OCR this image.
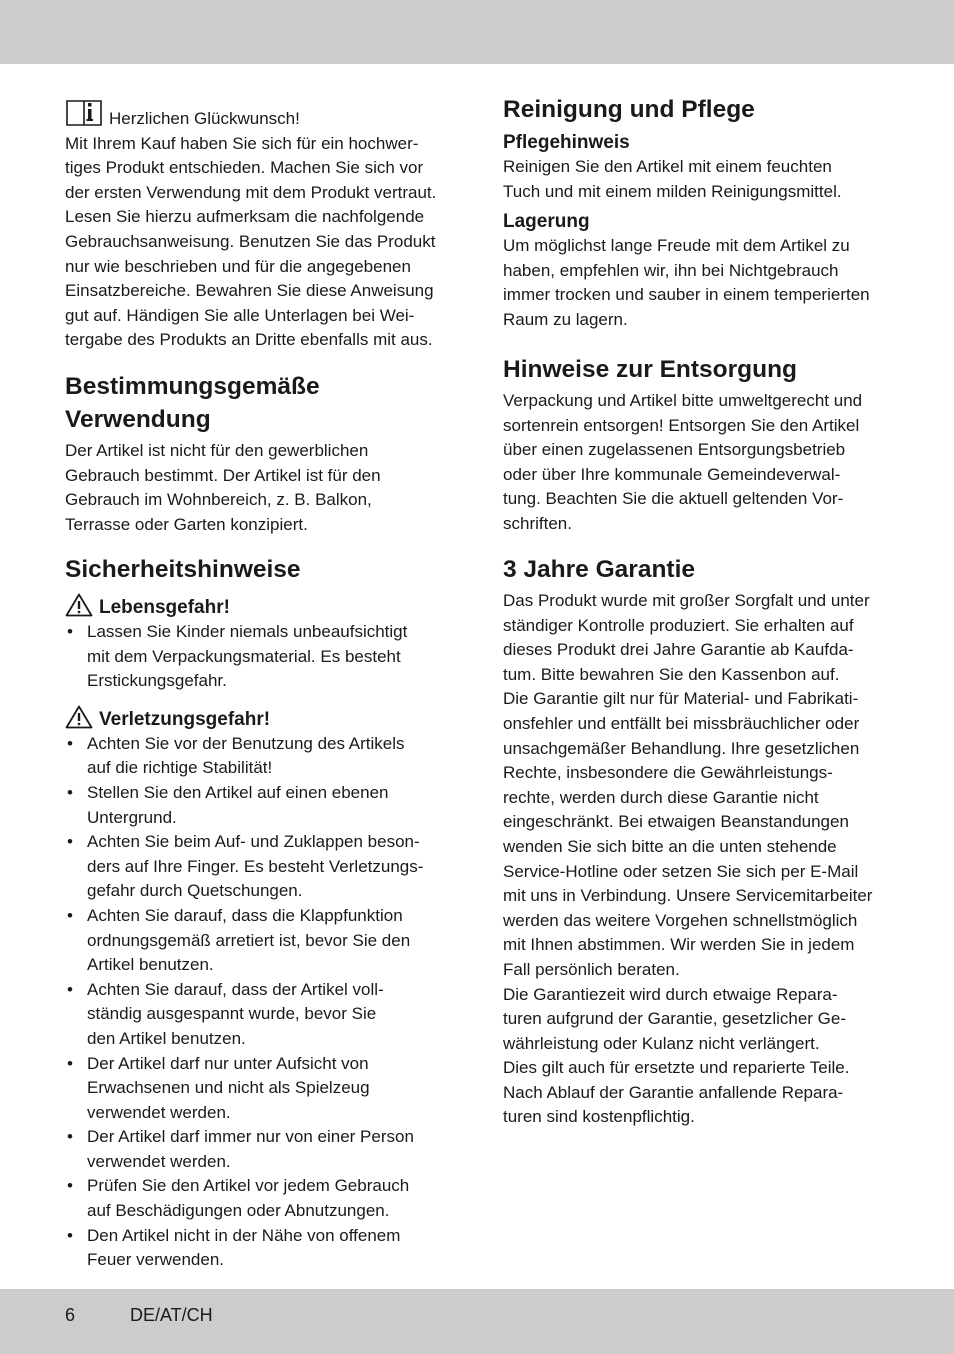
Herzlichen Glückwunsch!
Mit Ihrem Kauf haben Sie sich für ein hochwer-
tiges Produkt entschieden. Machen Sie sich vor
der ersten Verwendung mit dem Produkt vertraut.
Lesen Sie hierzu aufmerksam die nachfolgende
Gebrauchsanweisung. Benutzen Sie das Produkt
nur wie beschrieben und für die angegebenen
Einsatzbereiche. Bewahren Sie diese Anweisung
gut auf. Händigen Sie alle Unterlagen bei Wei-
tergabe des Produkts an Dritte ebenfalls mit aus.
Bestimmungsgemäße
Verwendung
Der Artikel ist nicht für den gewerblichen
Gebrauch bestimmt. Der Artikel ist für den
Gebrauch im Wohnbereich, z. B. Balkon,
Terrasse oder Garten konzipiert.
Sicherheitshinweise
Lebensgefahr!
• Lassen Sie Kinder niemals unbeaufsichtigt
mit dem Verpackungsmaterial. Es besteht
Erstickungsgefahr.
Verletzungsgefahr!
• Achten Sie vor der Benutzung des Artikels
auf die richtige Stabilität!
• Stellen Sie den Artikel auf einen ebenen
Untergrund.
• Achten Sie beim Auf- und Zuklappen beson-
ders auf Ihre Finger. Es besteht Verletzungs-
gefahr durch Quetschungen.
• Achten Sie darauf, dass die Klappfunktion
ordnungsgemäß arretiert ist, bevor Sie den
Artikel benutzen.
• Achten Sie darauf, dass der Artikel voll-
ständig ausgespannt wurde, bevor Sie
den Artikel benutzen.
• Der Artikel darf nur unter Aufsicht von
Erwachsenen und nicht als Spielzeug
verwendet werden.
• Der Artikel darf immer nur von einer Person
verwendet werden.
• Prüfen Sie den Artikel vor jedem Gebrauch
auf Beschädigungen oder Abnutzungen.
• Den Artikel nicht in der Nähe von offenem
Feuer verwenden.
Reinigung und Pflege
Pflegehinweis
Reinigen Sie den Artikel mit einem feuchten
Tuch und mit einem milden Reinigungsmittel.
Lagerung
Um möglichst lange Freude mit dem Artikel zu
haben, empfehlen wir, ihn bei Nichtgebrauch
immer trocken und sauber in einem temperierten
Raum zu lagern.
Hinweise zur Entsorgung
Verpackung und Artikel bitte umweltgerecht und
sortenrein entsorgen! Entsorgen Sie den Artikel
über einen zugelassenen Entsorgungsbetrieb
oder über Ihre kommunale Gemeindeverwal-
tung. Beachten Sie die aktuell geltenden Vor-
schriften.
3 Jahre Garantie
Das Produkt wurde mit großer Sorgfalt und unter
ständiger Kontrolle produziert. Sie erhalten auf
dieses Produkt drei Jahre Garantie ab Kaufda-
tum. Bitte bewahren Sie den Kassenbon auf.
Die Garantie gilt nur für Material- und Fabrikati-
onsfehler und entfällt bei missbräuchlicher oder
unsachgemäßer Behandlung. Ihre gesetzlichen
Rechte, insbesondere die Gewährleistungs-
rechte, werden durch diese Garantie nicht
eingeschränkt. Bei etwaigen Beanstandungen
wenden Sie sich bitte an die unten stehende
Service-Hotline oder setzen Sie sich per E-Mail
mit uns in Verbindung. Unsere Servicemitarbeiter
werden das weitere Vorgehen schnellstmöglich
mit Ihnen abstimmen. Wir werden Sie in jedem
Fall persönlich beraten.
Die Garantiezeit wird durch etwaige Repara-
turen aufgrund der Garantie, gesetzlicher Ge-
währleistung oder Kulanz nicht verlängert.
Dies gilt auch für ersetzte und reparierte Teile.
Nach Ablauf der Garantie anfallende Repara-
turen sind kostenpflichtig.
6	DE/AT/CH
